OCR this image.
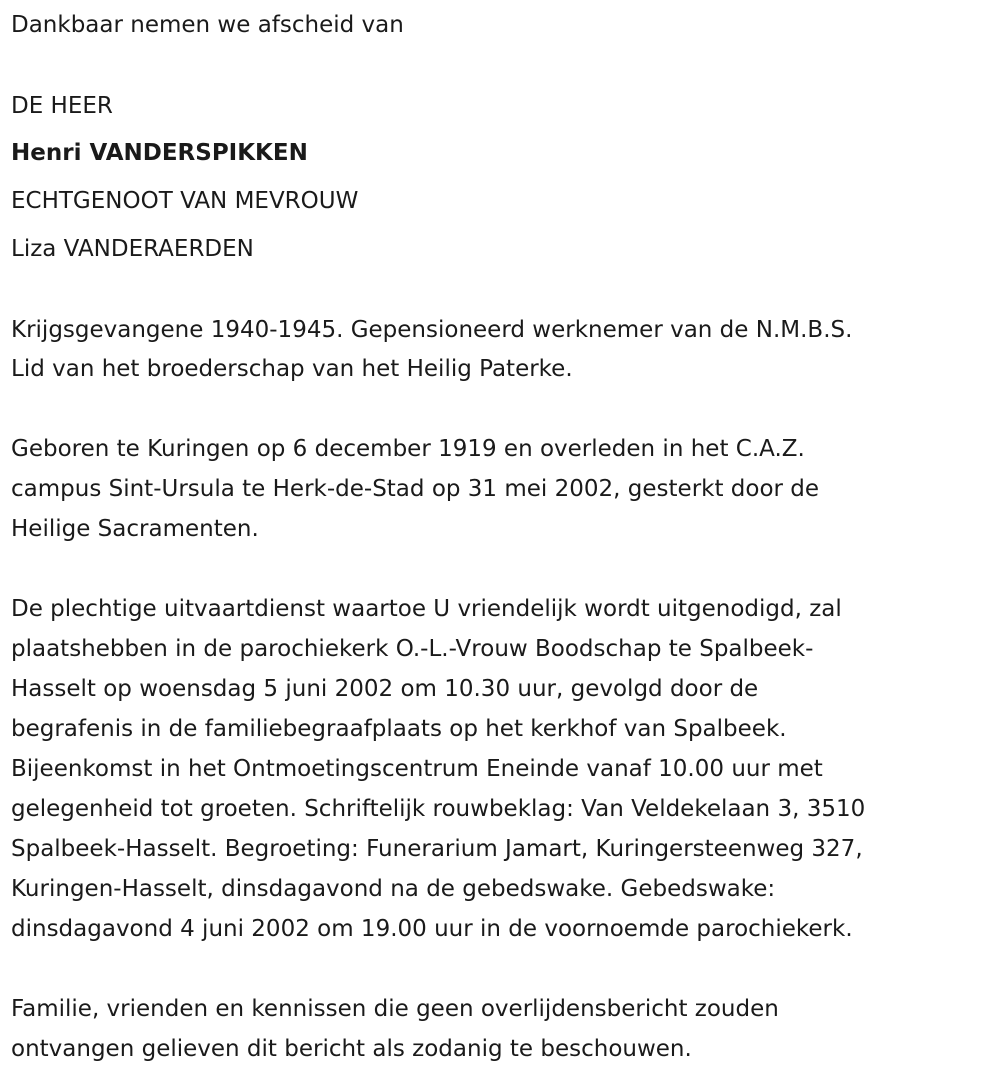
Dankbaar nemen we afscheid van
DE HEER
Henri VANDERSPIKKEN
ECHTGENOOT VAN MEVROUW
Liza VANDERAERDEN
Krijgsgevangene 1940-1945. Gepensioneerd werknemer van de N.M.B.S.
Lid van het broederschap van het Heilig Paterke.
Geboren te Kuringen op 6 december 1919 en overleden in het C.A.Z.
campus Sint-Ursula te Herk-de-Stad op 31 mei 2002, gesterkt door de
Heilige Sacramenten.
De plechtige uitvaartdienst waartoe U vriendelijk wordt uitgenodigd, zal
plaatshebben in de parochiekerk O.-L.-Vrouw Boodschap te Spalbeek-
Hasselt op woensdag 5 juni 2002 om 10.30 uur, gevolgd door de
begrafenis in de familiebegraafplaats op het kerkhof van Spalbeek.
Bijeenkomst in het Ontmoetingscentrum Eneinde vanaf 10.00 uur met
gelegenheid tot groeten. Schriftelijk rouwbeklag: Van Veldekelaan 3, 3510
Spalbeek-Hasselt. Begroeting: Funerarium Jamart, Kuringersteenweg 327,
Kuringen-Hasselt, dinsdagavond na de gebedswake. Gebedswake:
dinsdagavond 4 juni 2002 om 19.00 uur in de voornoemde parochiekerk.
Familie, vrienden en kennissen die geen overlijdensbericht zouden
ontvangen gelieven dit bericht als zodanig te beschouwen.
